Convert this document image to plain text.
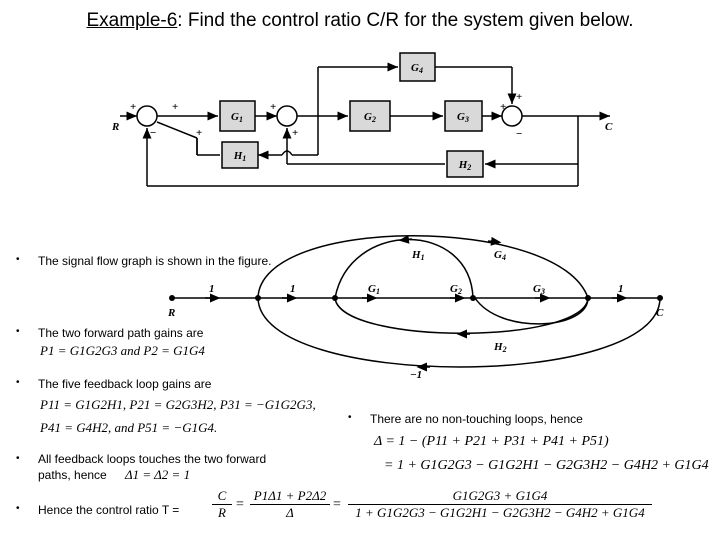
Example-6: Find the control ratio C/R for the system given below.
G1	G2	G3
G4
H1
H2
R	C
+
−
+
+
+
+
+
+
−
R	C
1	1	G1	G2	G3	1
H1	G4
H2
−1
• The signal flow graph is shown in the figure.
• The two forward path gains are
P1 = G1G2G3 and P2 = G1G4
• The five feedback loop gains are
P11 = G1G2H1, P21 = G2G3H2, P31 = −G1G2G3,
P41 = G4H2, and P51 = −G1G4.
• All feedback loops touches the two forward
paths, hence	Δ1 = Δ2 = 1
• Hence the control ratio T =	$\frac{C}{R} = \frac{P1\Delta 1 + P2\Delta 2}{\Delta} = \frac{G1G2G3 + G1G4}{1 + G1G2G3 - G1G2H1 - G2G3H2 - G4H2 + G1G4}$
• There are no non-touching loops, hence
Δ = 1 − (P11 + P21 + P31 + P41 + P51)
= 1 + G1G2G3 − G1G2H1 − G2G3H2 − G4H2 + G1G4
